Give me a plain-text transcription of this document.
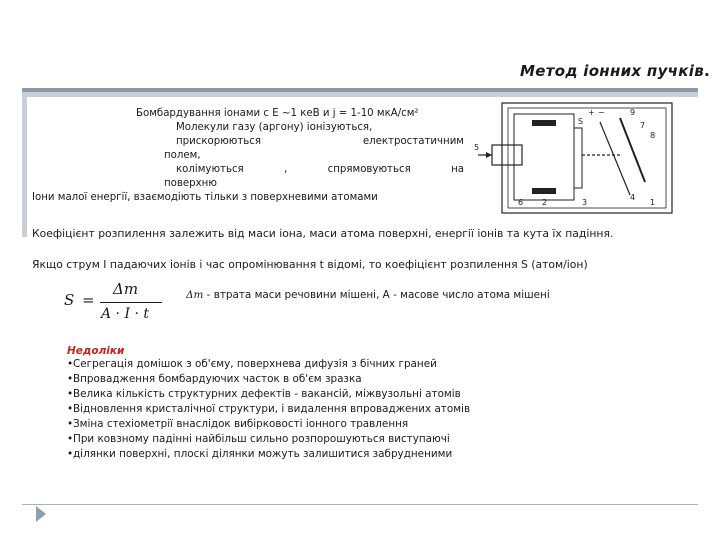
Метод іонних пучків.
Бомбардування іонами с Е ~1 кеВ и j = 1-10 мкА/см²
Молекули газу (аргону) іонізуються,
прискорюються	електростатичним
полем,
колімуються	,	спрямовуються	на
поверхню
Іони малої енергії, взаємодіють тільки з поверхневими атомами
Коефіцієнт розпилення залежить від маси іона, маси атома поверхні, енергії іонів та кута їх падіння.
Якщо струм I падаючих іонів і час опромінювання t відомі, то коефіцієнт розпилення S (атом/іон)
S =
Δm
A · I · t
Δm - втрата маси речовини мішені, А - масове число атома мішені
Недоліки
•Сегрегація домішок з об'єму, поверхнева дифузія з бічних граней
•Впровадження бомбардуючих часток в об'єм зразка
•Велика кількість структурних дефектів - вакансій, міжвузольні атомів
•Відновлення кристалічної структури, і видалення впроваджених атомів
•Зміна стехіометрії внаслідок вибірковості іонного травлення
•При ковзному падінні найбільш сильно розпорошуються виступаючі
•ділянки поверхні, плоскі ділянки можуть залишитися забрудненими
+ −
S
6 2	3	1
9
7
8
4
5
